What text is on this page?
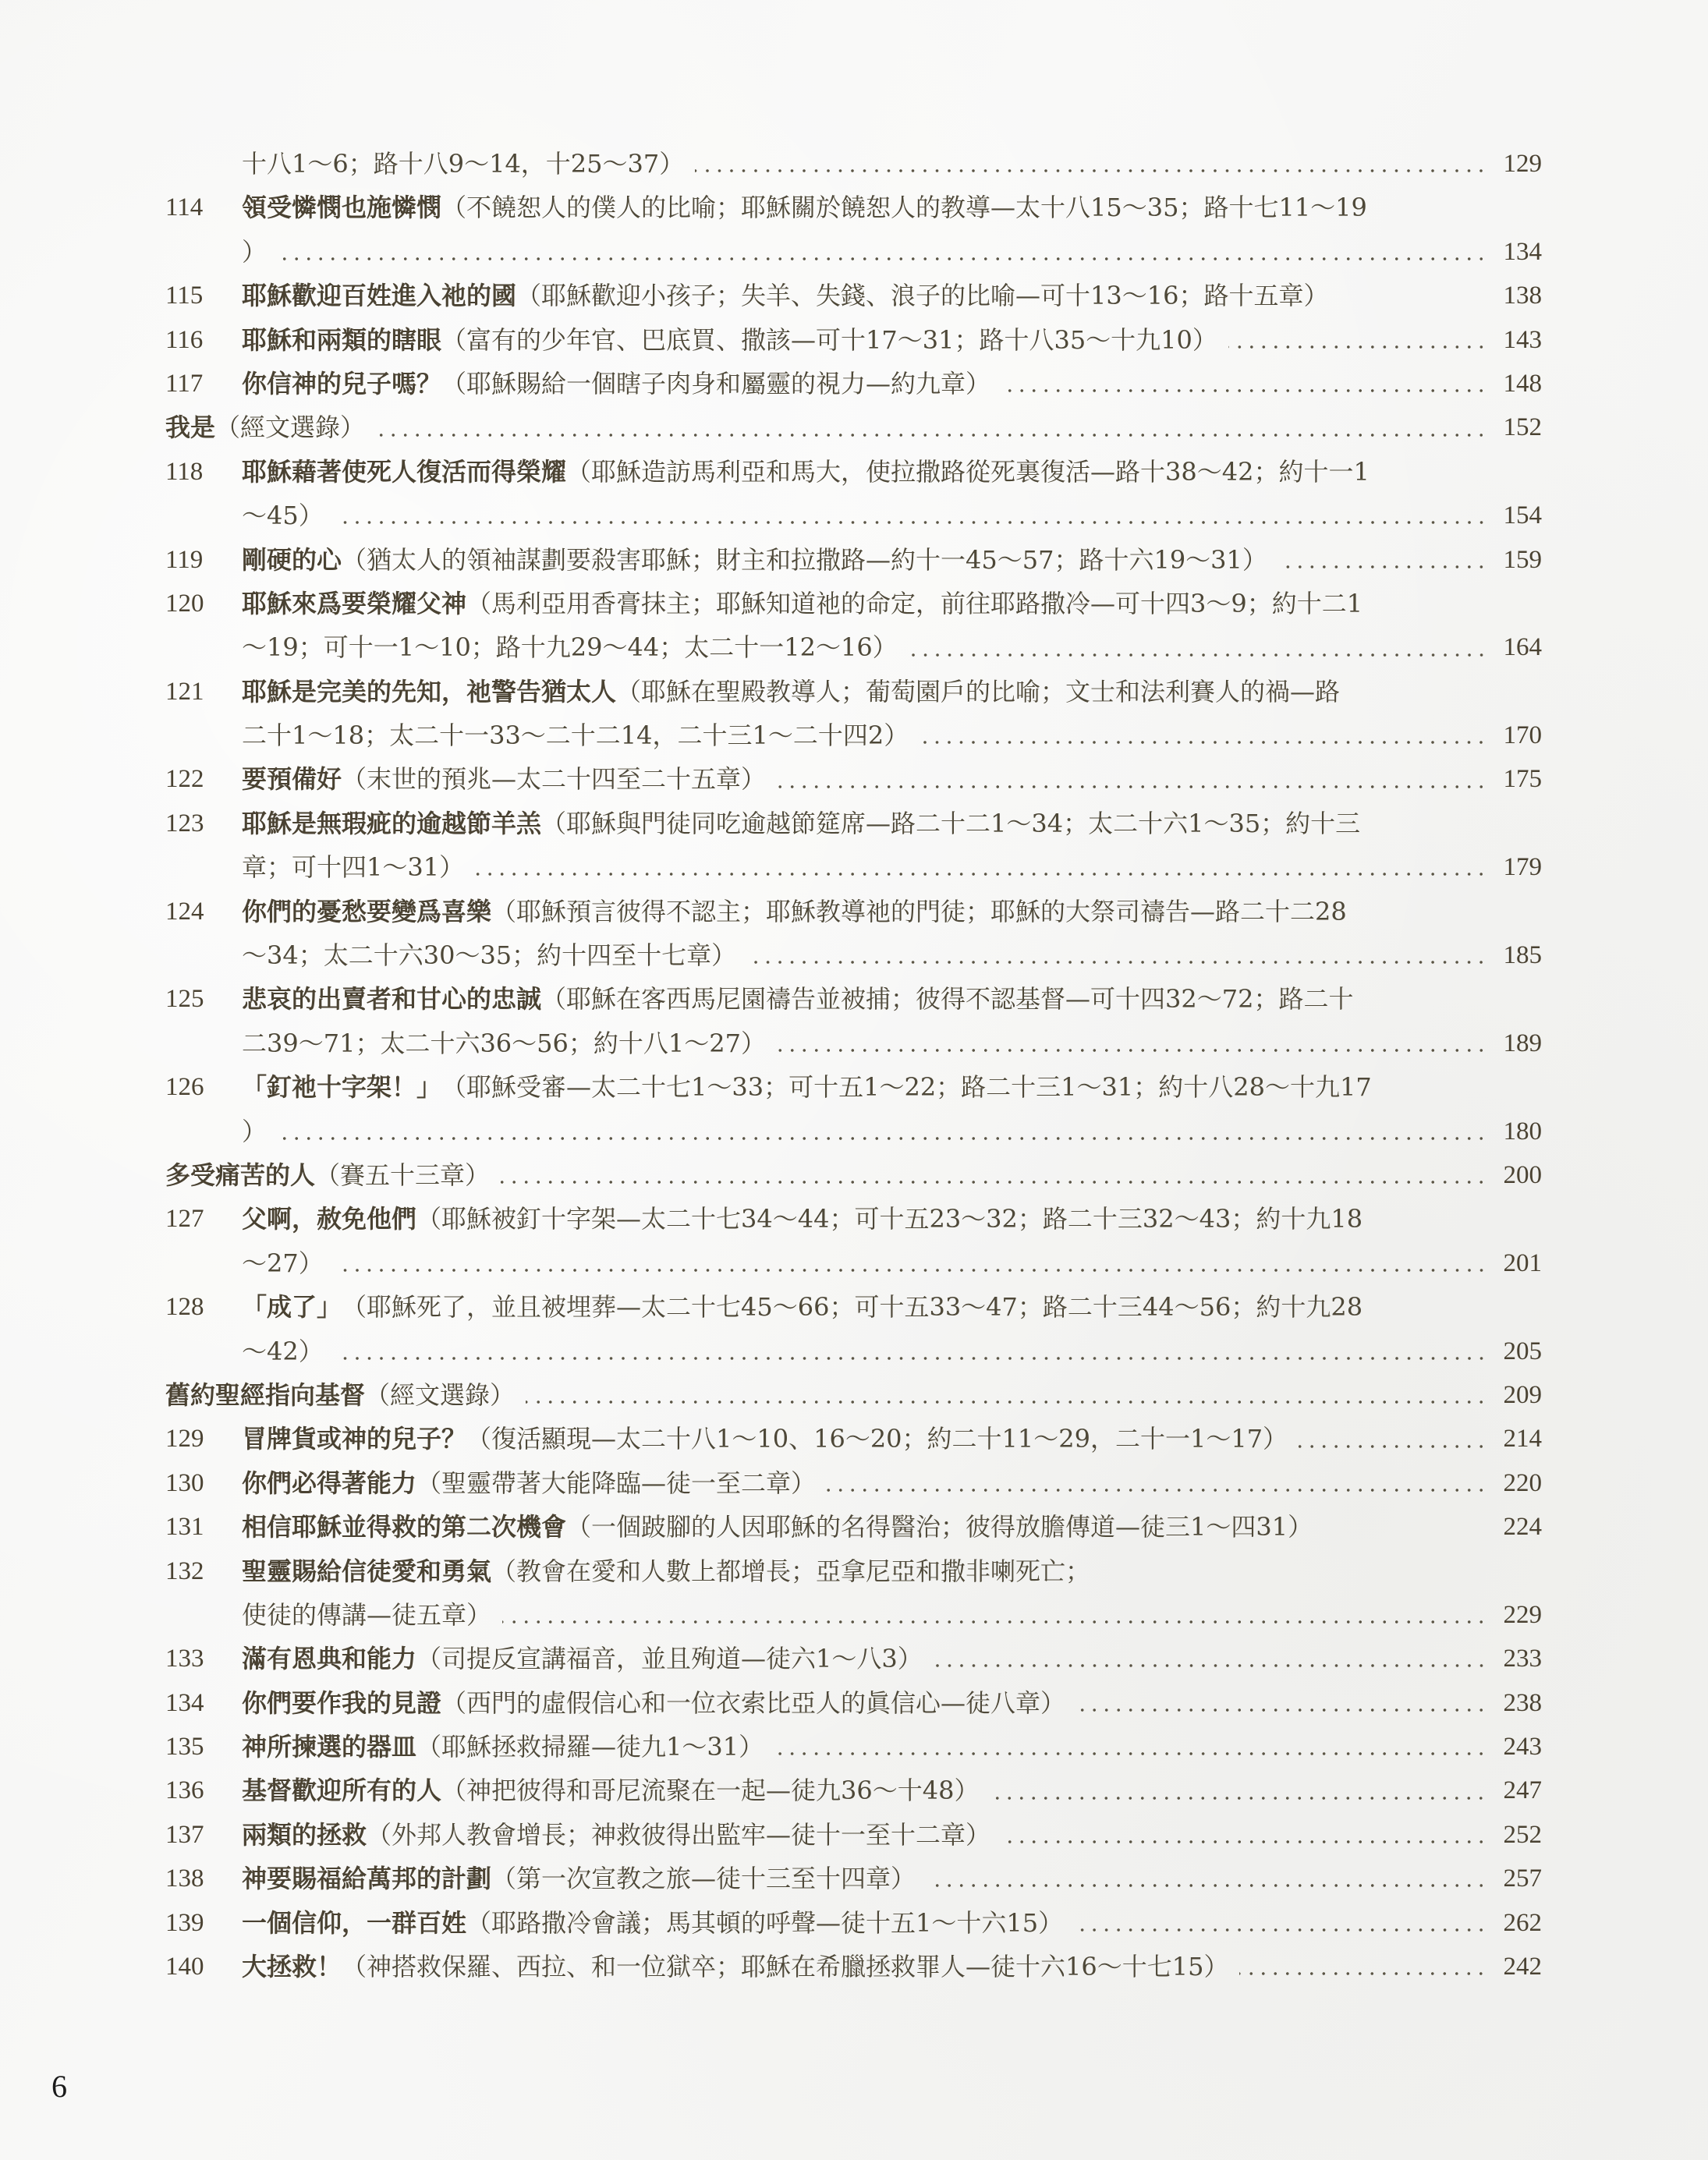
十八1～6；路十八9～14，十25～37）	129
114	領受憐憫也施憐憫 （不饒恕人的僕人的比喻；耶穌關於饒恕人的教導—太十八15～35；路十七11～19
）	134
115	耶穌歡迎百姓進入祂的國 （耶穌歡迎小孩子；失羊、失錢、浪子的比喻—可十13～16；路十五章）	138
116	耶穌和兩類的瞎眼 （富有的少年官、巴底買、撒該—可十17～31；路十八35～十九10）	143
117	你信神的兒子嗎？ （耶穌賜給一個瞎子肉身和屬靈的視力—約九章）	148
我是 （經文選錄）	152
118	耶穌藉著使死人復活而得榮耀 （耶穌造訪馬利亞和馬大，使拉撒路從死裏復活—路十38～42；約十一1
～45）	154
119	剛硬的心 （猶太人的領袖謀劃要殺害耶穌；財主和拉撒路—約十一45～57；路十六19～31）	159
120	耶穌來爲要榮耀父神 （馬利亞用香膏抹主；耶穌知道祂的命定，前往耶路撒冷—可十四3～9；約十二1
～19；可十一1～10；路十九29～44；太二十一12～16）	164
121	耶穌是完美的先知，祂警告猶太人 （耶穌在聖殿教導人；葡萄園戶的比喻；文士和法利賽人的禍—路
二十1～18；太二十一33～二十二14，二十三1～二十四2）	170
122	要預備好 （末世的預兆—太二十四至二十五章）	175
123	耶穌是無瑕疵的逾越節羊羔 （耶穌與門徒同吃逾越節筵席—路二十二1～34；太二十六1～35；約十三
章；可十四1～31）	179
124	你們的憂愁要變爲喜樂 （耶穌預言彼得不認主；耶穌教導祂的門徒；耶穌的大祭司禱告—路二十二28
～34；太二十六30～35；約十四至十七章）	185
125	悲哀的出賣者和甘心的忠誠 （耶穌在客西馬尼園禱告並被捕；彼得不認基督—可十四32～72；路二十
二39～71；太二十六36～56；約十八1～27）	189
126	「釘祂十字架！」 （耶穌受審—太二十七1～33；可十五1～22；路二十三1～31；約十八28～十九17
）	180
多受痛苦的人 （賽五十三章）	200
127	父啊，赦免他們 （耶穌被釘十字架—太二十七34～44；可十五23～32；路二十三32～43；約十九18
～27）	201
128	「成了」 （耶穌死了，並且被埋葬—太二十七45～66；可十五33～47；路二十三44～56；約十九28
～42）	205
舊約聖經指向基督 （經文選錄）	209
129	冒牌貨或神的兒子？ （復活顯現—太二十八1～10、16～20；約二十11～29，二十一1～17）	214
130	你們必得著能力 （聖靈帶著大能降臨—徒一至二章）	220
131	相信耶穌並得救的第二次機會 （一個跛腳的人因耶穌的名得醫治；彼得放膽傳道—徒三1～四31）	224
132	聖靈賜給信徒愛和勇氣 （教會在愛和人數上都增長；亞拿尼亞和撒非喇死亡；
使徒的傳講—徒五章）	229
133	滿有恩典和能力 （司提反宣講福音，並且殉道—徒六1～八3）	233
134	你們要作我的見證 （西門的虛假信心和一位衣索比亞人的眞信心—徒八章）	238
135	神所揀選的器皿 （耶穌拯救掃羅—徒九1～31）	243
136	基督歡迎所有的人 （神把彼得和哥尼流聚在一起—徒九36～十48）	247
137	兩類的拯救 （外邦人教會增長；神救彼得出監牢—徒十一至十二章）	252
138	神要賜福給萬邦的計劃 （第一次宣教之旅—徒十三至十四章）	257
139	一個信仰，一群百姓 （耶路撒冷會議；馬其頓的呼聲—徒十五1～十六15）	262
140	大拯救！ （神搭救保羅、西拉、和一位獄卒；耶穌在希臘拯救罪人—徒十六16～十七15）	242
6
